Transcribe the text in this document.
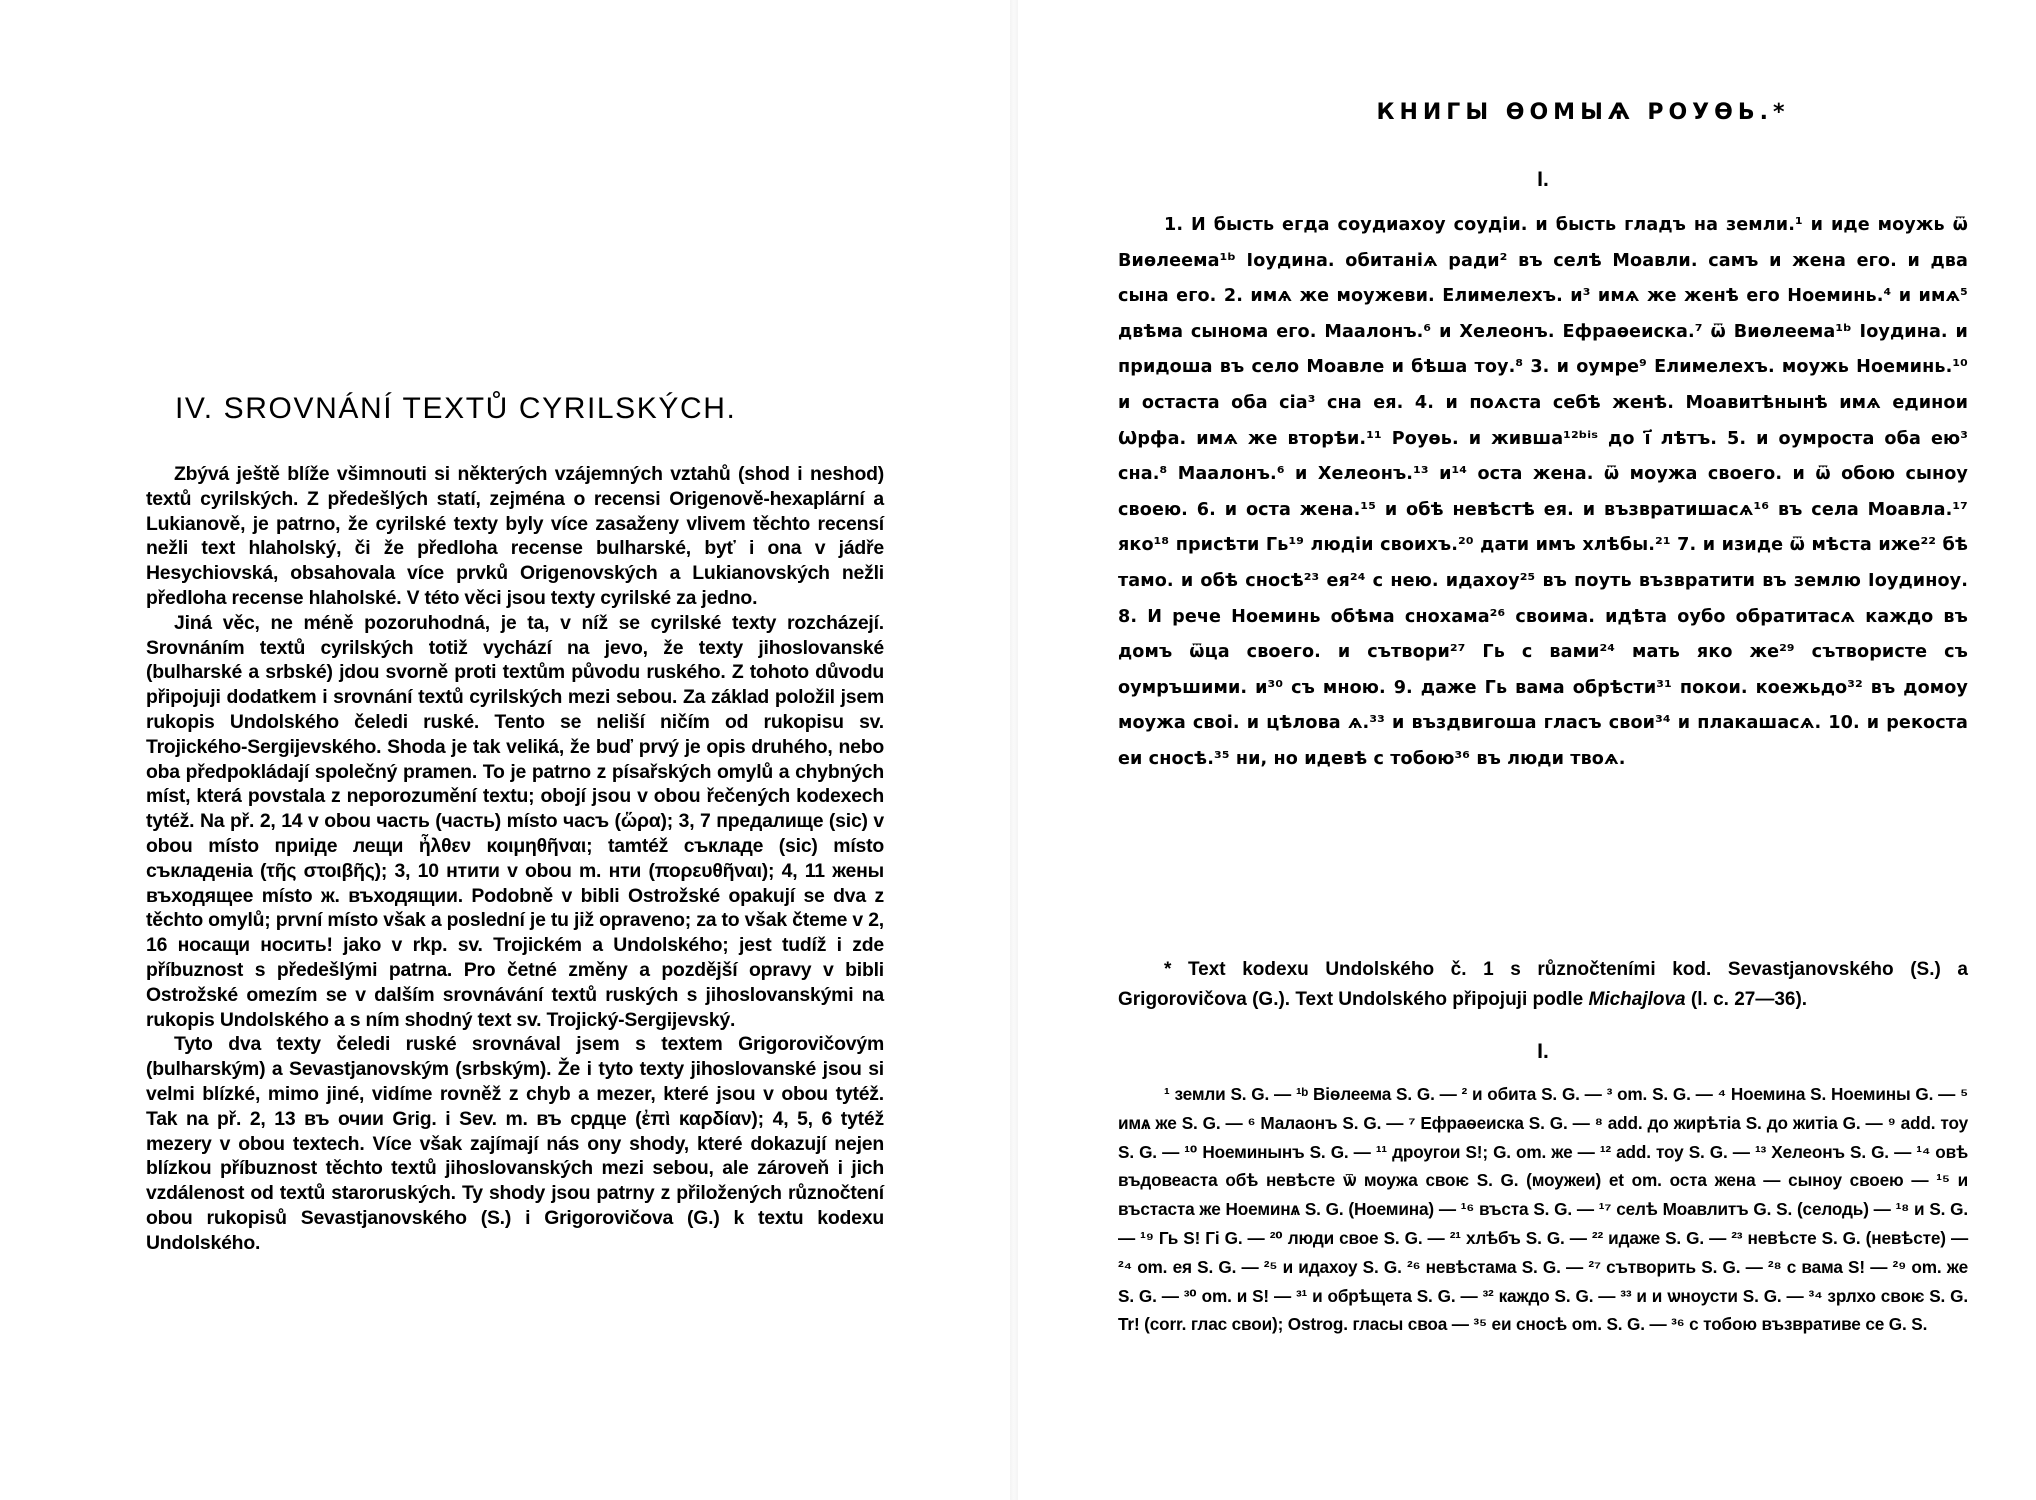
IV. SROVNÁNÍ TEXTŮ CYRILSKÝCH.

Zbývá ještě blíže všimnouti si některých vzájemných vztahů (shod i neshod) textů cyrilských. Z předešlých statí, zejména o recensi Origenově-hexaplární a Lukianově, je patrno, že cyrilské texty byly více zasaženy vlivem těchto recensí nežli text hlaholský, či že předloha recense bulharské, byť i ona v jádře Hesychiovská, obsahovala více prvků Origenovských a Lukianovských nežli předloha recense hlaholské. V této věci jsou texty cyrilské za jedno.

Jiná věc, ne méně pozoruhodná, je ta, v níž se cyrilské texty rozcházejí. Srovnáním textů cyrilských totiž vychází na jevo, že texty jihoslovanské (bulharské a srbské) jdou svorně proti textům původu ruského. Z tohoto důvodu připojuji dodatkem i srovnání textů cyrilských mezi sebou. Za základ položil jsem rukopis Undolského čeledi ruské. Tento se neliší ničím od rukopisu sv. Trojického-Sergijevského. Shoda je tak veliká, že buď prvý je opis druhého, nebo oba předpokládají společný pramen. To je patrno z písařských omylů a chybných míst, která povstala z neporozumění textu; obojí jsou v obou řečených kodexech tytéž. Na př. 2, 14 v obou часть (часть) místo часъ (ὥρα); 3, 7 предалище (sic) v obou místo приіде лещи ἦλθεν κοιμηθῆναι; tamtéž съкладе (sic) místo съкладеніа (τῆς στοιβῆς); 3, 10 нтити v obou m. нти (πορευθῆναι); 4, 11 жены въходящее místo ж. въходящии. Podobně v bibli Ostrožské opakují se dva z těchto omylů; první místo však a poslední je tu již opraveno; za to však čteme v 2, 16 носащи носить! jako v rkp. sv. Trojickém a Undolského; jest tudíž i zde příbuznost s předešlými patrna. Pro četné změny a pozdější opravy v bibli Ostrožské omezím se v dalším srovnávání textů ruských s jihoslovanskými na rukopis Undolského a s ním shodný text sv. Trojický-Sergijevský.

Tyto dva texty čeledi ruské srovnával jsem s textem Grigorovičovým (bulharským) a Sevastjanovským (srbským). Že i tyto texty jihoslovanské jsou si velmi blízké, mimo jiné, vidíme rovněž z chyb a mezer, které jsou v obou tytéž. Tak na př. 2, 13 въ очии Grig. i Sev. m. въ срдце (ἐπὶ καρδίαν); 4, 5, 6 tytéž mezery v obou textech. Více však zajímají nás ony shody, které dokazují nejen blízkou příbuznost těchto textů jihoslovanských mezi sebou, ale zároveň i jich vzdálenost od textů staroruských. Ty shody jsou patrny z přiložených různočtení obou rukopisů Sevastjanovského (S.) i Grigorovičova (G.) k textu kodexu Undolského.

КНИГЫ ѲОМЫѦ РОУѲЬ.*
I.

1. И бысть егда соудиахоу соудіи. и бысть гладъ на земли.¹ и иде моужь ѿ Виѳлеема¹ᵇ Іоудина. обитаніѧ ради² въ селѣ Моавли. самъ и жена его. и два сына его. 2. имѧ же моужеви. Елимелехъ. и³ имѧ же женѣ его Ноеминь.⁴ и имѧ⁵ двѣма сынома его. Маалонъ.⁶ и Хелеонъ. Ефраѳеиска.⁷ ѿ Виѳлеема¹ᵇ Іоудина. и придоша въ село Моавле и бѣша тоу.⁸ 3. и оумре⁹ Елимелехъ. моужь Ноеминь.¹⁰ и остаста оба сіа³ сна ея. 4. и поѧста себѣ женѣ. Моавитѣнынѣ имѧ единои Ѡрфа. имѧ же вторѣи.¹¹ Роуѳь. и живша¹²ᵇⁱˢ до і҃ лѣтъ. 5. и оумроста оба ею³ сна.⁸ Маалонъ.⁶ и Хелеонъ.¹³ и¹⁴ оста жена. ѿ моужа своего. и ѿ обою сыноу своею. 6. и оста жена.¹⁵ и обѣ невѣстѣ ея. и възвратишасѧ¹⁶ въ села Моавла.¹⁷ яко¹⁸ присѣти Гь¹⁹ людіи своихъ.²⁰ дати имъ хлѣбы.²¹ 7. и изиде ѿ мѣста иже²² бѣ тамо. и обѣ сносѣ²³ ея²⁴ с нею. идахоу²⁵ въ поуть възвратити въ землю Іоудиноу. 8. И рече Ноеминь обѣма снохама²⁶ своима. идѣта оубо обратитасѧ каждо въ домъ ѿца своего. и сътвори²⁷ Гь с вами²⁴ мать яко же²⁹ сътвористе съ оумръшими. и³⁰ съ мною. 9. даже Гь вама обрѣсти³¹ покои. коежьдо³² въ домоу моужа своі. и цѣлова ѧ.³³ и въздвигоша гласъ свои³⁴ и плакашасѧ. 10. и рекоста еи сносѣ.³⁵ ни, но идевѣ с тобою³⁶ въ люди твоѧ.

* Text kodexu Undolského č. 1 s různočteními kod. Sevastjanovského (S.) a Grigorovičova (G.). Text Undolského připojuji podle Michajlova (l. c. 27—36).

I.

¹ земли S. G. — ¹ᵇ Віѳлеема S. G. — ² и обита S. G. — ³ om. S. G. — ⁴ Ноемина S. Ноемины G. — ⁵ имѧ же S. G. — ⁶ Малаонъ S. G. — ⁷ Ефраѳеиска S. G. — ⁸ add. до жирѣтіа S. до житіа G. — ⁹ add. тоу S. G. — ¹⁰ Ноеминынъ S. G. — ¹¹ дроугои S!; G. om. же — ¹² add. тоу S. G. — ¹³ Хелеонъ S. G. — ¹⁴ овѣ въдовеаста обѣ невѣсте ѿ моужа своѥ S. G. (моужеи) et om. оста жена — сыноу своею — ¹⁵ и въстаста же Ноеминѧ S. G. (Ноемина) — ¹⁶ въста S. G. — ¹⁷ селѣ Моавлитъ G. S. (селодь) — ¹⁸ и S. G. — ¹⁹ Гь S! Гі G. — ²⁰ люди свое S. G. — ²¹ хлѣбъ S. G. — ²² идаже S. G. — ²³ невѣсте S. G. (невѣсте) — ²⁴ om. ея S. G. — ²⁵ и идахоу S. G. ²⁶ невѣстама S. G. — ²⁷ сътворить S. G. — ²⁸ с вама S! — ²⁹ om. же S. G. — ³⁰ om. и S! — ³¹ и обрѣщета S. G. — ³² каждо S. G. — ³³ и и ѡноусти S. G. — ³⁴ зрлхо своѥ S. G. Tr! (corr. глас свои); Ostrog. гласы своа — ³⁵ еи сносѣ om. S. G. — ³⁶ с тобою възвративе се G. S.
